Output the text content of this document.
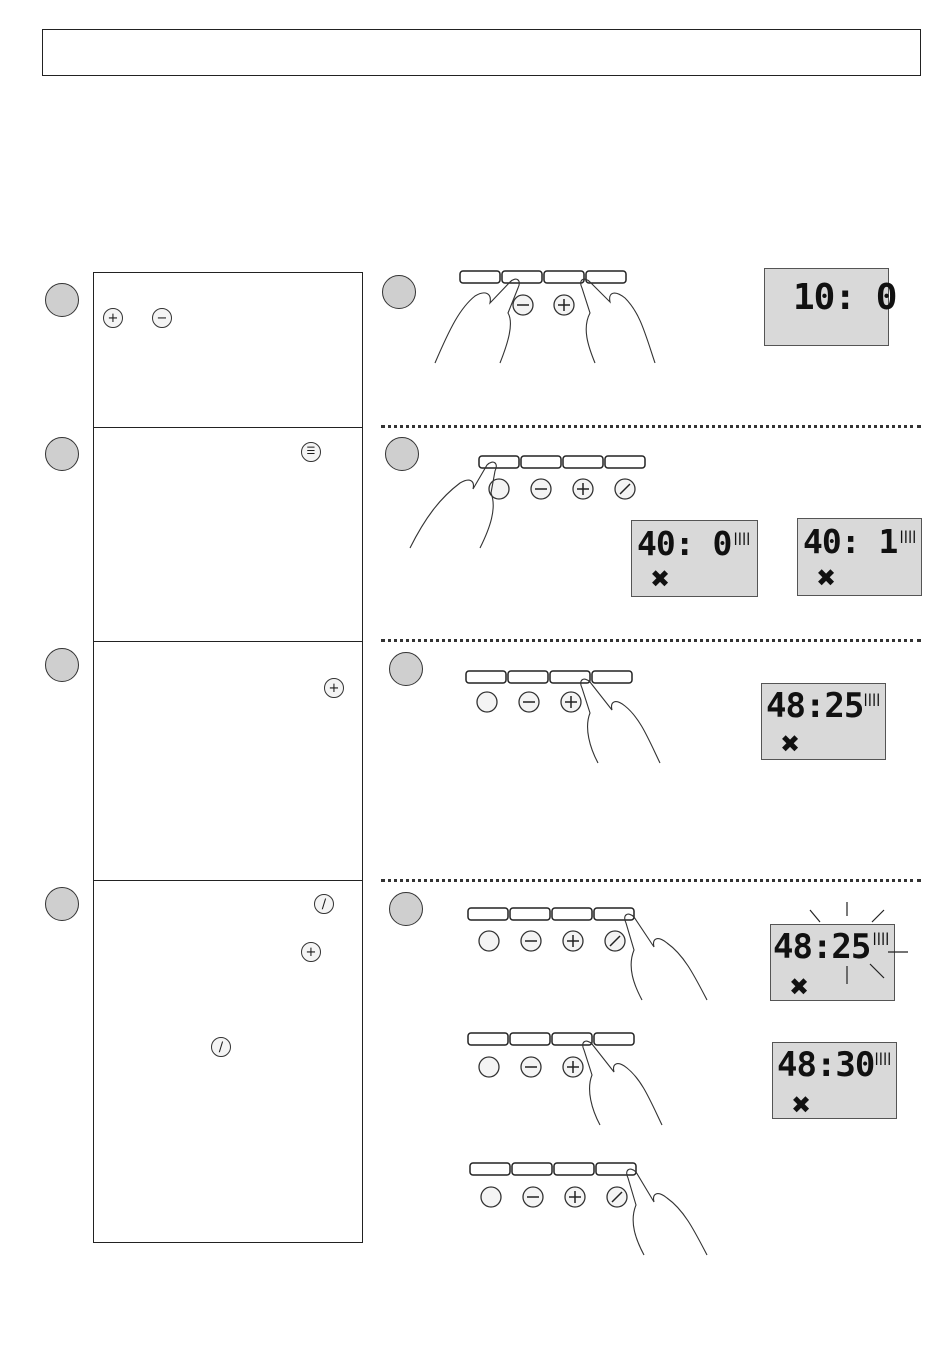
+	−
☰
+
∕
+
∕
10: 0
40: 0 ||||
✖
40: 1 ||||
✖
48:25
||||
✖
48:25 ||||
✖
48:30
||||
✖
